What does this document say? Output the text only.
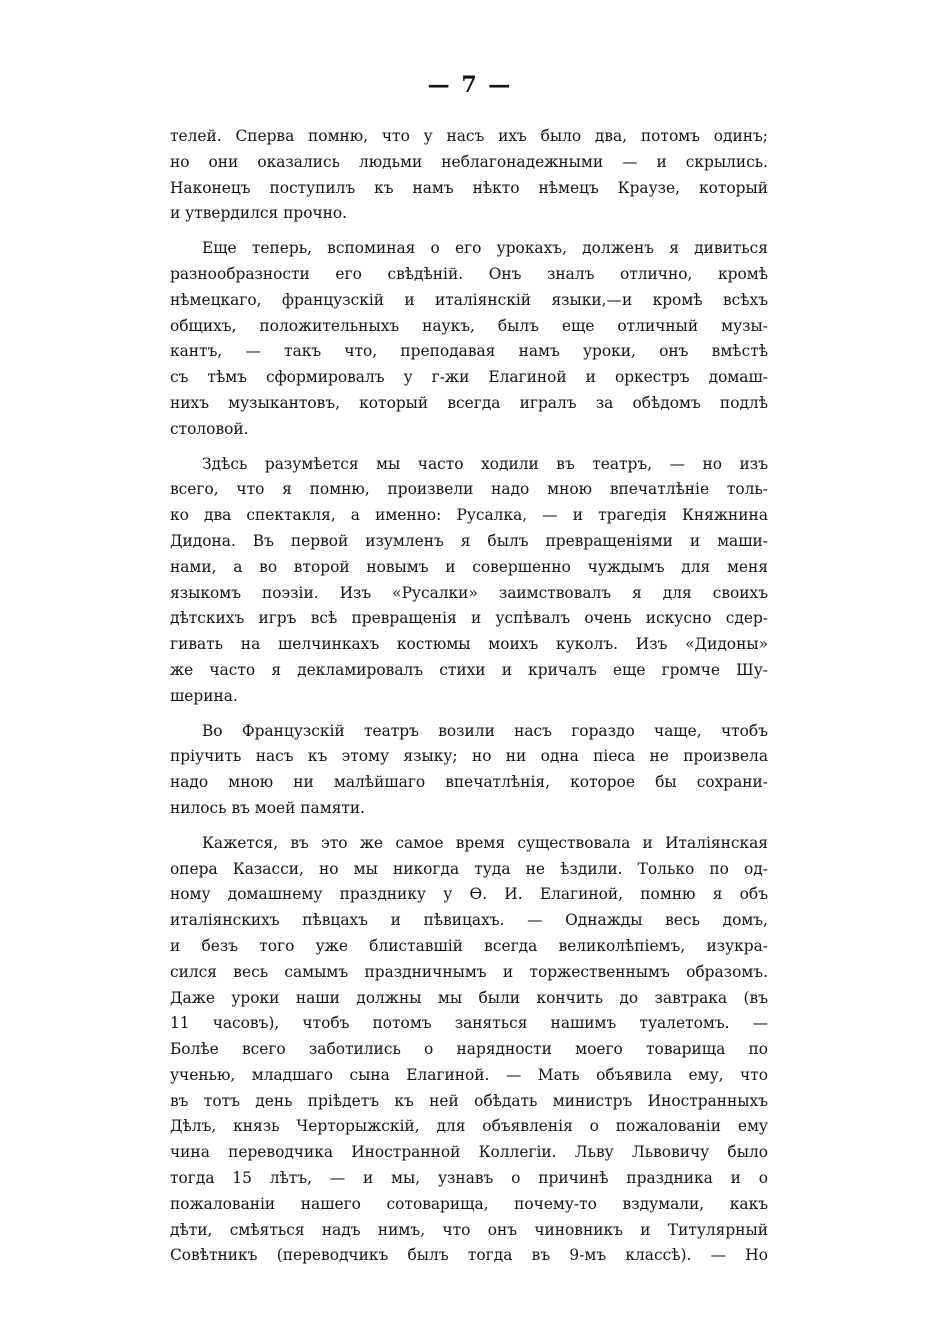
— 7 —

телей. Сперва помню, что у насъ ихъ было два, потомъ одинъ;
но они оказались людьми неблагонадежными — и скрылись.
Наконецъ поступилъ къ намъ нѣкто нѣмецъ Краузе, который
и утвердился прочно.

Еще теперь, вспоминая о его урокахъ, долженъ я дивиться
разнообразности его свѣдѣній. Онъ зналъ отлично, кромѣ
нѣмецкаго, французскій и италіянскій языки,—и кромѣ всѣхъ
общихъ, положительныхъ наукъ, былъ еще отличный музы-
кантъ, — такъ что, преподавая намъ уроки, онъ вмѣстѣ
съ тѣмъ сформировалъ у г-жи Елагиной и оркестръ домаш-
нихъ музыкантовъ, который всегда игралъ за обѣдомъ подлѣ
столовой.

Здѣсь разумѣется мы часто ходили въ театръ, — но изъ
всего, что я помню, произвели надо мною впечатлѣніе толь-
ко два спектакля, а именно: Русалка, — и трагедія Княжнина
Дидона. Въ первой изумленъ я былъ превращеніями и маши-
нами, а во второй новымъ и совершенно чуждымъ для меня
языкомъ поэзіи. Изъ «Русалки» заимствовалъ я для своихъ
дѣтскихъ игръ всѣ превращенія и успѣвалъ очень искусно сдер-
гивать на шелчинкахъ костюмы моихъ куколъ. Изъ «Дидоны»
же часто я декламировалъ стихи и кричалъ еще громче Шу-
шерина.

Во Французскій театръ возили насъ гораздо чаще, чтобъ
пріучить насъ къ этому языку; но ни одна піеса не произвела
надо мною ни малѣйшаго впечатлѣнія, которое бы сохрани-
нилось въ моей памяти.

Кажется, въ это же самое время существовала и Италіянская
опера Казасси, но мы никогда туда не ѣздили. Только по од-
ному домашнему празднику у Ѳ. И. Елагиной, помню я объ
италіянскихъ пѣвцахъ и пѣвицахъ. — Однажды весь домъ,
и безъ того уже блиставшій всегда великолѣпіемъ, изукра-
сился весь самымъ праздничнымъ и торжественнымъ образомъ.
Даже уроки наши должны мы были кончить до завтрака (въ
11 часовъ), чтобъ потомъ заняться нашимъ туалетомъ. —
Болѣе всего заботились о нарядности моего товарища по
ученью, младшаго сына Елагиной. — Мать объявила ему, что
въ тотъ день пріѣдетъ къ ней обѣдать министръ Иностранныхъ
Дѣлъ, князь Черторыжскій, для объявленія о пожалованіи ему
чина переводчика Иностранной Коллегіи. Льву Львовичу было
тогда 15 лѣтъ, — и мы, узнавъ о причинѣ праздника и о
пожалованіи нашего сотоварища, почему-то вздумали, какъ
дѣти, смѣяться надъ нимъ, что онъ чиновникъ и Титулярный
Совѣтникъ (переводчикъ былъ тогда въ 9-мъ классѣ). — Но
